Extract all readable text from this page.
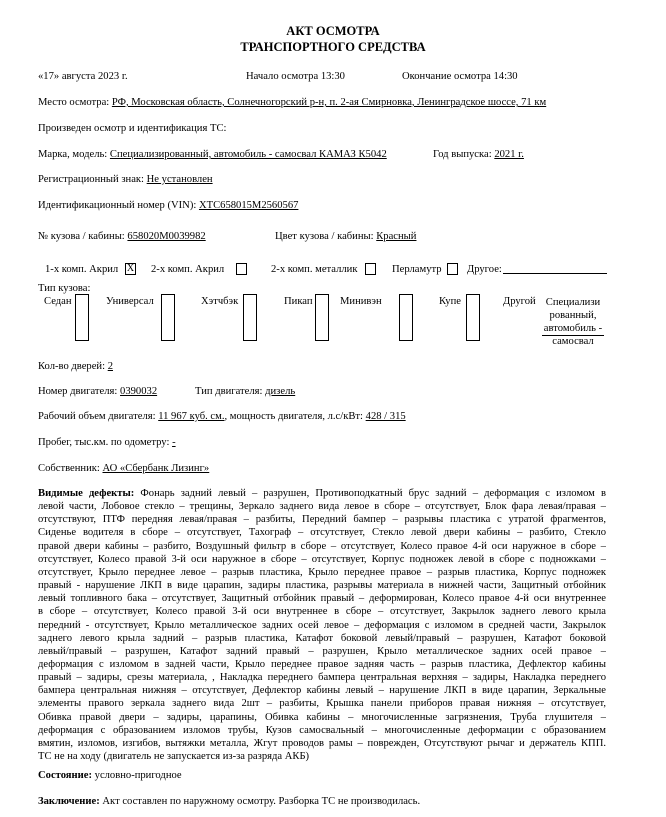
АКТ ОСМОТРА
ТРАНСПОРТНОГО СРЕДСТВА
«17» августа 2023 г.	Начало осмотра 13:30	Окончание осмотра 14:30
Место осмотра: РФ, Московская область, Солнечногорский р-н, п. 2-ая Смирновка, Ленинградское шоссе, 71 км
Произведен осмотр и идентификация ТС:
Марка, модель: Специализированный, автомобиль - самосвал КАМАЗ К5042	Год выпуска: 2021 г.
Регистрационный знак: Не установлен
Идентификационный номер (VIN): XTC658015M2560567
№ кузова / кабины: 658020M0039982	Цвет кузова / кабины: Красный
1-х комп. Акрил X 2-х комп. Акрил	2-х комп. металлик	Перламутр Другое:
Тип кузова:
Седан	Универсал	Хэтчбэк	Пикап	Минивэн	Купе	Другой Специализи
рованный,
автомобиль -
самосвал
Кол-во дверей: 2
Номер двигателя: 0390032	Тип двигателя: дизель
Рабочий объем двигателя: 11 967 куб. см., мощность двигателя, л.с/кВт: 428 / 315
Пробег, тыс.км. по одометру: -
Собственник: АО «Сбербанк Лизинг»
Видимые дефекты: Фонарь задний левый – разрушен, Противоподкатный брус задний – деформация с изломом в
левой части, Лобовое стекло – трещины, Зеркало заднего вида левое в сборе – отсутствует, Блок фара левая/правая –
отсутствуют, ПТФ передняя левая/правая – разбиты, Передний бампер – разрывы пластика с утратой фрагментов,
Сиденье водителя в сборе – отсутствует, Тахограф – отсутствует, Стекло левой двери кабины – разбито, Стекло
правой двери кабины – разбито, Воздушный фильтр в сборе – отсутствует, Колесо правое 4-й оси наружное в сборе –
отсутствует, Колесо правой 3-й оси наружное в сборе – отсутствует, Корпус подножек левой в сборе с подножками –
отсутствует, Крыло переднее левое – разрыв пластика, Крыло переднее правое – разрыв пластика, Корпус подножек
правый - нарушение ЛКП в виде царапин, задиры пластика, разрывы материала в нижней части, Защитный отбойник
левый топливного бака – отсутствует, Защитный отбойник правый – деформирован, Колесо правое 4-й оси внутреннее
в сборе – отсутствует, Колесо правой 3-й оси внутреннее в сборе – отсутствует, Закрылок заднего левого крыла
передний - отсутствует, Крыло металлическое задних осей левое – деформация с изломом в средней части, Закрылок
заднего левого крыла задний – разрыв пластика, Катафот боковой левый/правый – разрушен, Катафот боковой
левый/правый – разрушен, Катафот задний правый – разрушен, Крыло металлическое задних осей правое –
деформация с изломом в задней части, Крыло переднее правое задняя часть – разрыв пластика, Дефлектор кабины
правый – задиры, срезы материала, , Накладка переднего бампера центральная верхняя – задиры, Накладка переднего
бампера центральная нижняя – отсутствует, Дефлектор кабины левый – нарушение ЛКП в виде царапин, Зеркальные
элементы правого зеркала заднего вида 2шт – разбиты, Крышка панели приборов правая нижняя – отсутствует,
Обивка правой двери – задиры, царапины, Обивка кабины – многочисленные загрязнения, Труба глушителя –
деформация с образованием изломов трубы, Кузов самосвальный – многочисленные деформации с образованием
вмятин, изломов, изгибов, вытяжки металла, Жгут проводов рамы – поврежден, Отсутствуют рычаг и держатель КПП.
ТС не на ходу (двигатель не запускается из-за разряда АКБ)
Состояние: условно-пригодное
Заключение: Акт составлен по наружному осмотру. Разборка ТС не производилась.
